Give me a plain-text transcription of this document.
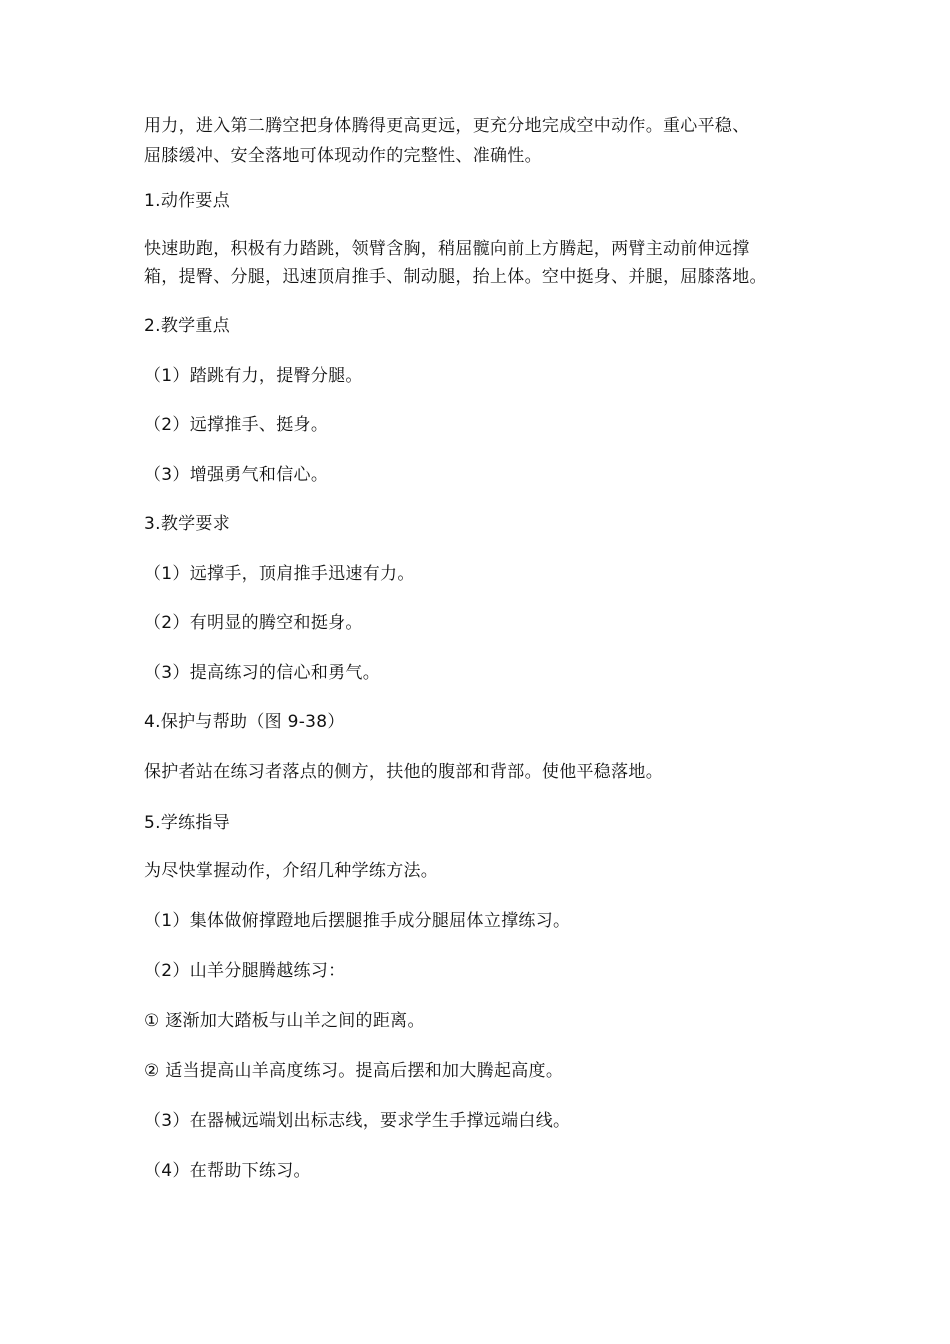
用力，进入第二腾空把身体腾得更高更远，更充分地完成空中动作。重心平稳、
屈膝缓冲、安全落地可体现动作的完整性、准确性。
1.动作要点
快速助跑，积极有力踏跳，领臂含胸，稍屈髋向前上方腾起，两臂主动前伸远撑
箱，提臀、分腿，迅速顶肩推手、制动腿，抬上体。空中挺身、并腿，屈膝落地。
2.教学重点
（1）踏跳有力，提臀分腿。
（2）远撑推手、挺身。
（3）增强勇气和信心。
3.教学要求
（1）远撑手，顶肩推手迅速有力。
（2）有明显的腾空和挺身。
（3）提高练习的信心和勇气。
4.保护与帮助（图 9-38）
保护者站在练习者落点的侧方，扶他的腹部和背部。使他平稳落地。
5.学练指导
为尽快掌握动作，介绍几种学练方法。
（1）集体做俯撑蹬地后摆腿推手成分腿屈体立撑练习。
（2）山羊分腿腾越练习：
① 逐渐加大踏板与山羊之间的距离。
② 适当提高山羊高度练习。提高后摆和加大腾起高度。
（3）在器械远端划出标志线，要求学生手撑远端白线。
（4）在帮助下练习。
